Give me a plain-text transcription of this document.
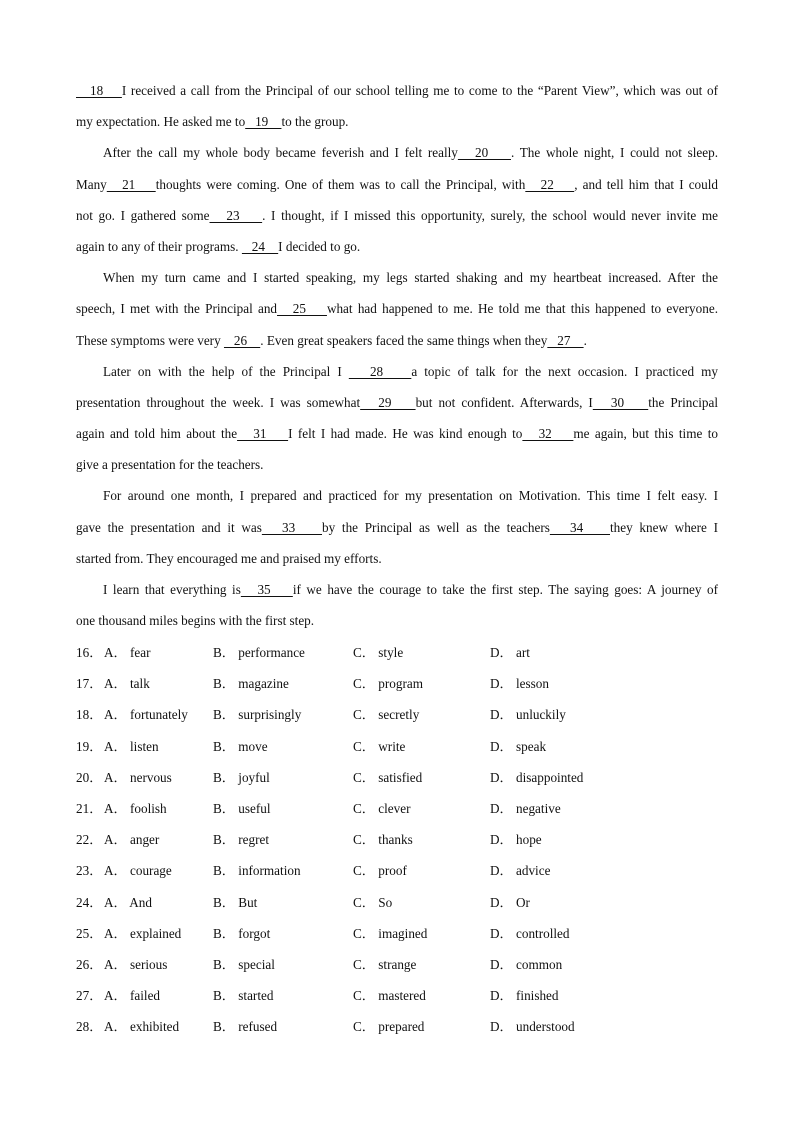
18    I received a call from the Principal of our school telling me to come to the “Parent View”, which was out of
my expectation. He asked me to   19    to the group.
After the call my whole body became feverish and I felt really   20    . The whole night, I could not sleep.
Many   21    thoughts were coming. One of them was to call the Principal, with   22    , and tell him that I could
not go. I gathered some   23    . I thought, if I missed this opportunity, surely, the school would never invite me
again to any of their programs.    24    I decided to go.
When my turn came and I started speaking, my legs started shaking and my heartbeat increased. After the
speech, I met with the Principal and   25    what had happened to me. He told me that this happened to everyone.
These symptoms were very    26    . Even great speakers faced the same things when they   27    .
Later on with the help of the Principal I    28    a topic of talk for the next occasion. I practiced my
presentation throughout the week. I was somewhat   29    but not confident. Afterwards, I   30    the Principal
again and told him about the   31    I felt I had made. He was kind enough to   32    me again, but this time to
give a presentation for the teachers.
For around one month, I prepared and practiced for my presentation on Motivation. This time I felt easy. I
gave the presentation and it was   33    by the Principal as well as the teachers   34    they knew where I
started from. They encouraged me and praised my efforts.
I learn that everything is   35    if we have the courage to take the first step. The saying goes: A journey of
one thousand miles begins with the first step.
16． A． fear	B． performance	C． style	D． art
17． A． talk	B． magazine	C． program	D． lesson
18． A． fortunately B． surprisingly	C． secretly	D． unluckily
19． A． listen	B． move	C． write	D． speak
20． A． nervous	B． joyful	C． satisfied	D． disappointed
21． A． foolish	B． useful	C． clever	D． negative
22． A． anger	B． regret	C． thanks	D． hope
23． A． courage	B． information	C． proof	D． advice
24． A． And	B． But	C． So	D． Or
25． A． explained B． forgot	C． imagined	D． controlled
26． A． serious	B． special	C． strange	D． common
27． A． failed	B． started	C． mastered	D． finished
28． A． exhibited	B． refused	C． prepared	D． understood
